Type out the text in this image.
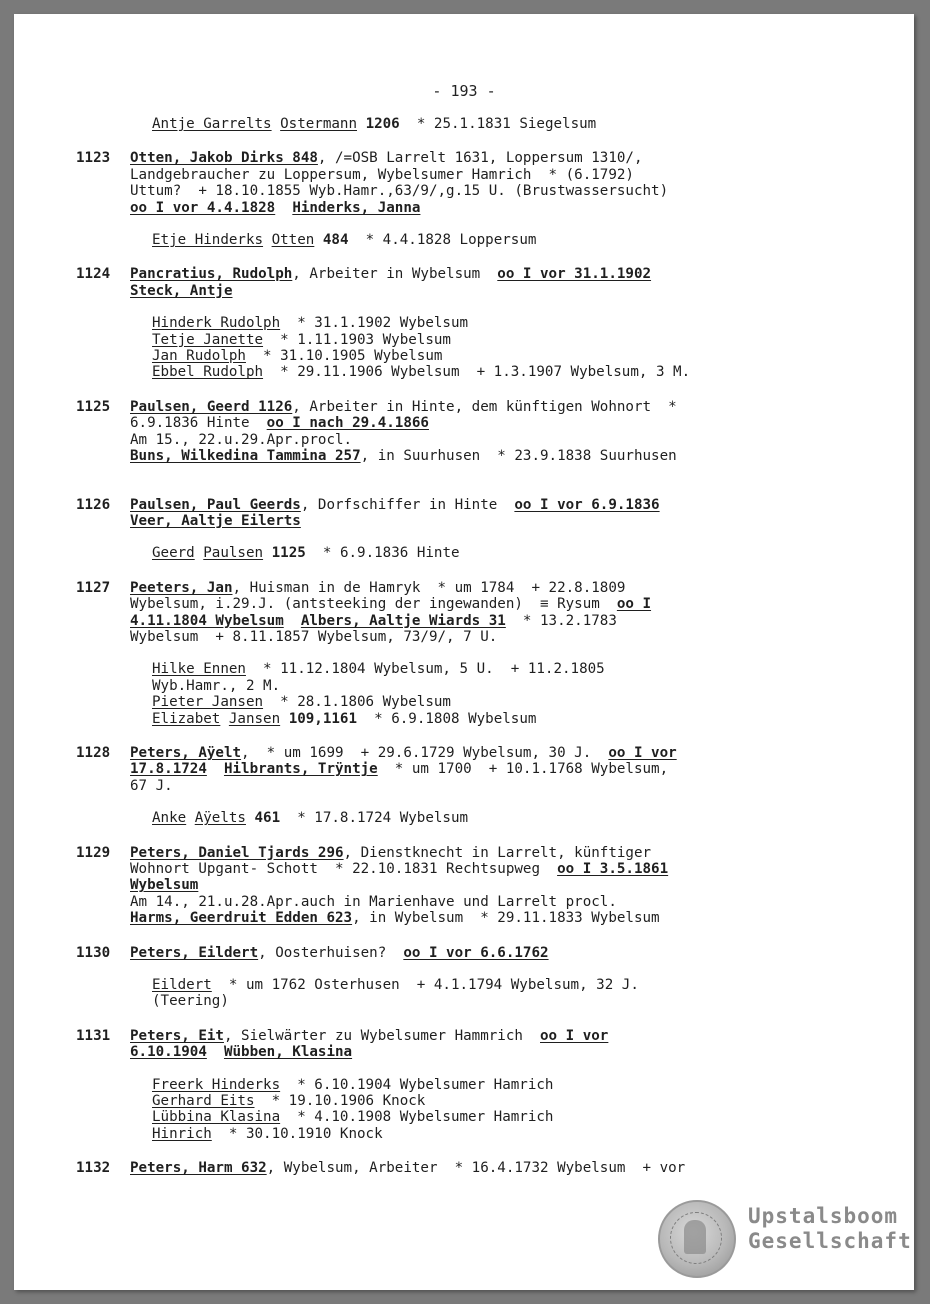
- 193 -
Antje Garrelts Ostermann 1206  * 25.1.1831 Siegelsum
1123	Otten, Jakob Dirks 848, /=OSB Larrelt 1631, Loppersum 1310/,
Landgebraucher zu Loppersum, Wybelsumer Hamrich  * (6.1792)
Uttum?  + 18.10.1855 Wyb.Hamr.,63/9/,g.15 U. (Brustwassersucht)
oo I vor 4.4.1828 Hinderks, Janna
Etje Hinderks Otten 484  * 4.4.1828 Loppersum
1124	Pancratius, Rudolph, Arbeiter in Wybelsum  oo I vor 31.1.1902
Steck, Antje
Hinderk Rudolph  * 31.1.1902 Wybelsum
Tetje Janette  * 1.11.1903 Wybelsum
Jan Rudolph  * 31.10.1905 Wybelsum
Ebbel Rudolph  * 29.11.1906 Wybelsum  + 1.3.1907 Wybelsum, 3 M.
1125	Paulsen, Geerd 1126, Arbeiter in Hinte, dem künftigen Wohnort  *
6.9.1836 Hinte  oo I nach 29.4.1866
Am 15., 22.u.29.Apr.procl.
Buns, Wilkedina Tammina 257, in Suurhusen  * 23.9.1838 Suurhusen
1126	Paulsen, Paul Geerds, Dorfschiffer in Hinte  oo I vor 6.9.1836
Veer, Aaltje Eilerts
Geerd Paulsen 1125  * 6.9.1836 Hinte
1127	Peeters, Jan, Huisman in de Hamryk  * um 1784  + 22.8.1809
Wybelsum, i.29.J. (antsteeking der ingewanden)  ≡ Rysum  oo I
4.11.1804 Wybelsum Albers, Aaltje Wiards 31  * 13.2.1783
Wybelsum  + 8.11.1857 Wybelsum, 73/9/, 7 U.
Hilke Ennen  * 11.12.1804 Wybelsum, 5 U.  + 11.2.1805
Wyb.Hamr., 2 M.
Pieter Jansen  * 28.1.1806 Wybelsum
Elizabet Jansen 109,1161  * 6.9.1808 Wybelsum
1128	Peters, Aÿelt,  * um 1699  + 29.6.1729 Wybelsum, 30 J.  oo I vor
17.8.1724 Hilbrants, Trÿntje  * um 1700  + 10.1.1768 Wybelsum,
67 J.
Anke Aÿelts 461  * 17.8.1724 Wybelsum
1129	Peters, Daniel Tjards 296, Dienstknecht in Larrelt, künftiger
Wohnort Upgant- Schott  * 22.10.1831 Rechtsupweg  oo I 3.5.1861
Wybelsum
Am 14., 21.u.28.Apr.auch in Marienhave und Larrelt procl.
Harms, Geerdruit Edden 623, in Wybelsum  * 29.11.1833 Wybelsum
1130	Peters, Eildert, Oosterhuisen?  oo I vor 6.6.1762
Eildert  * um 1762 Osterhusen  + 4.1.1794 Wybelsum, 32 J.
(Teering)
1131	Peters, Eit, Sielwärter zu Wybelsumer Hammrich  oo I vor
6.10.1904 Wübben, Klasina
Freerk Hinderks  * 6.10.1904 Wybelsumer Hamrich
Gerhard Eits  * 19.10.1906 Knock
Lübbina Klasina  * 4.10.1908 Wybelsumer Hamrich
Hinrich  * 30.10.1910 Knock
1132	Peters, Harm 632, Wybelsum, Arbeiter  * 16.4.1732 Wybelsum  + vor
Upstalsboom
Gesellschaft
